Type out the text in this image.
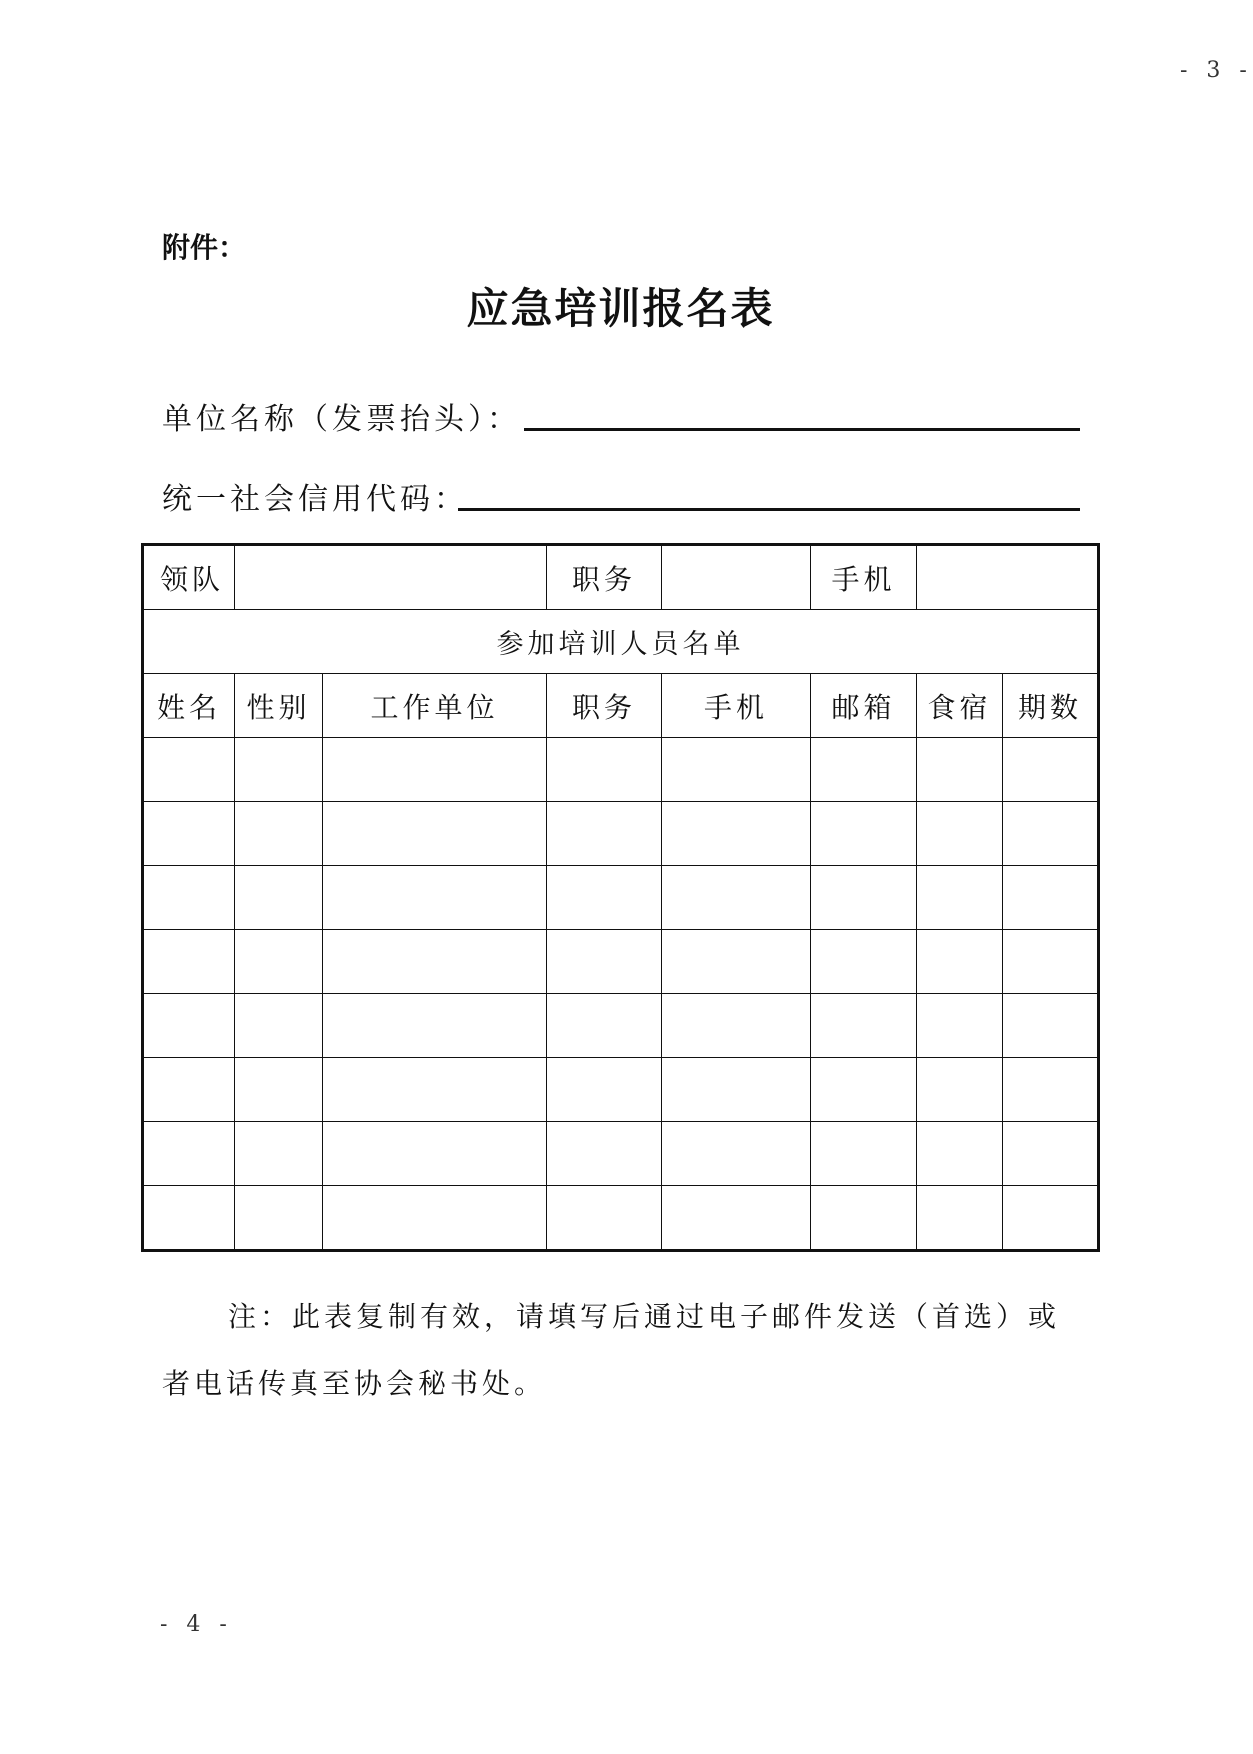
- 3 -
附件：
应急培训报名表
单位名称（发票抬头）：
统一社会信用代码：
领队			职务		手机		
参加培训人员名单							
姓名	性别	工作单位	职务	手机	邮箱	食宿	期数

注：此表复制有效，请填写后通过电子邮件发送（首选）或者电话传真至协会秘书处。
- 4 -
